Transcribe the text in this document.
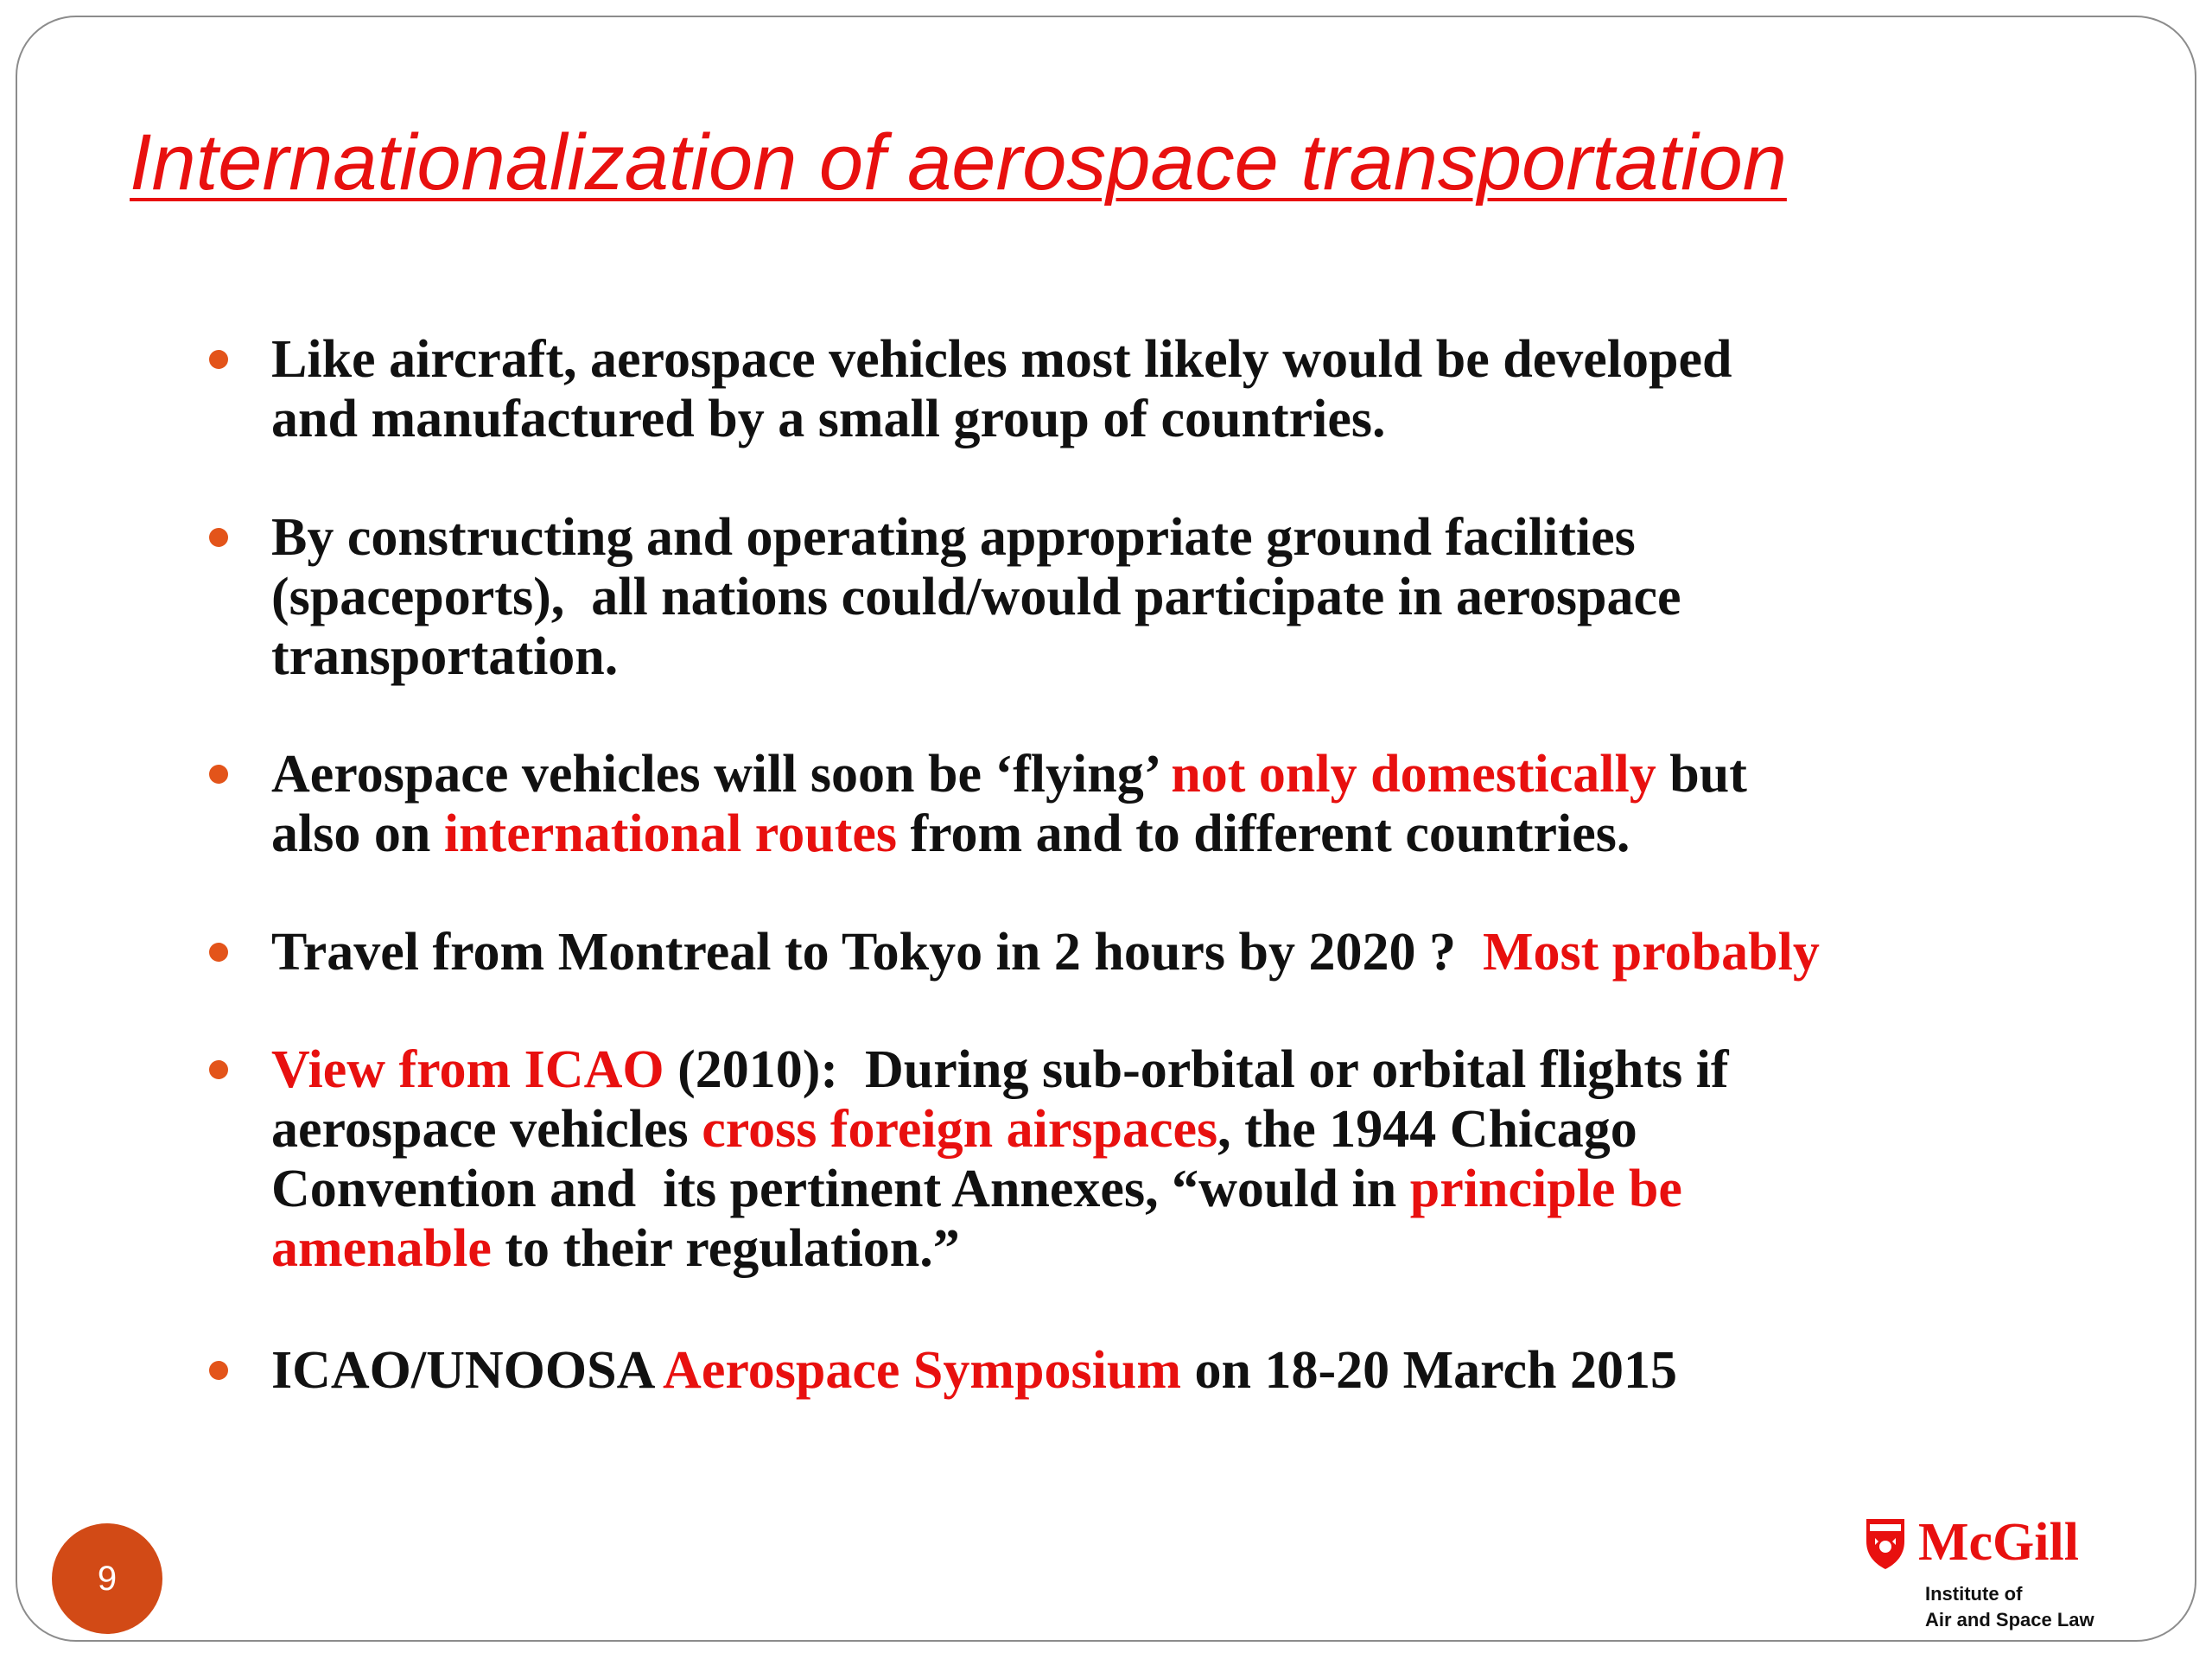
Internationalization of aerospace transportation
Like aircraft, aerospace vehicles most likely would be developed
and manufactured by a small group of countries.
By constructing and operating appropriate ground facilities
(spaceports),  all nations could/would participate in aerospace
transportation.
Aerospace vehicles will soon be ‘flying’ not only domestically but
also on international routes from and to different countries.
Travel from Montreal to Tokyo in 2 hours by 2020 ?  Most probably
View from ICAO (2010):  During sub-orbital or orbital flights if
aerospace vehicles cross foreign airspaces, the 1944 Chicago
Convention and  its pertinent Annexes, “would in principle be
amenable to their regulation.”
ICAO/UNOOSA Aerospace Symposium on 18-20 March 2015
9
McGill
Institute of
Air and Space Law
